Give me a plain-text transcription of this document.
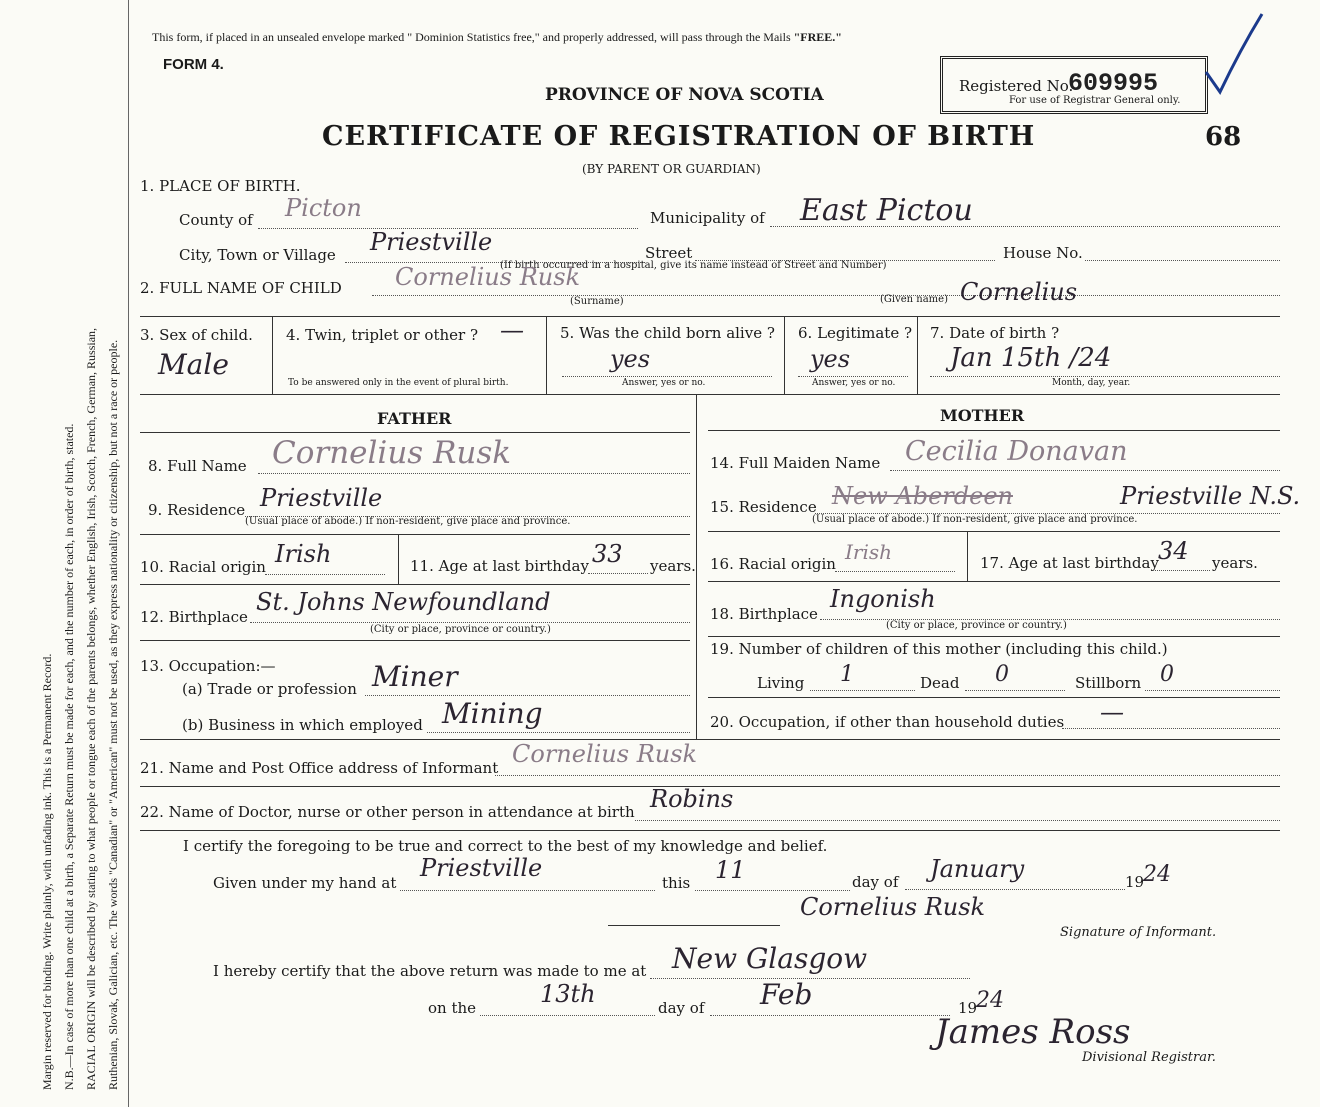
Margin reserved for binding. Write plainly, with unfading ink. This is a Permanent Record. N.B.—In case of more than one child at a birth, a Separate Return must be made for each, and the number of each, in order of birth, stated. RACIAL ORIGIN will be described by stating to what people or tongue each of the parents belongs, whether English, Irish, Scotch, French, German, Russian, Ruthenian, Slovak, Galician, etc. The words "Canadian" or "American" must not be used, as they express nationality or citizenship, but not a race or people.
This form, if placed in an unsealed envelope marked " Dominion Statistics free," and properly addressed, will pass through the Mails "FREE."
FORM 4.
PROVINCE OF NOVA SCOTIA
CERTIFICATE OF REGISTRATION OF BIRTH
(BY PARENT OR GUARDIAN)
Registered No.
609995
For use of Registrar General only.
68
1. PLACE OF BIRTH.
County of Picton	Municipality of East Pictou
City, Town or Village Priestville	Street	House No.
(If birth occurred in a hospital, give its name instead of Street and Number)
2. FULL NAME OF CHILD Cornelius Rusk
(Surname)	(Given name) Cornelius
3. Sex of child.
Male
4. Twin, triplet or other ? —
To be answered only in the event of plural birth.
5. Was the child born alive ?
yes
Answer, yes or no.
6. Legitimate ?
yes
Answer, yes or no.
7. Date of birth ?
Jan 15th /24
Month, day, year.
FATHER	MOTHER
8. Full Name Cornelius Rusk
9. Residence Priestville
(Usual place of abode.) If non-resident, give place and province.
10. Racial origin Irish	11. Age at last birthday 33 years.
12. Birthplace
St. Johns Newfoundland
(City or place, province or country.)
13. Occupation:—
(a) Trade or profession Miner
(b) Business in which employed Mining
14. Full Maiden Name Cecilia Donavan
15. Residence New Aberdeen	Priestville N.S.
(Usual place of abode.) If non-resident, give place and province.
16. Racial origin Irish	17. Age at last birthday 34 years.
18. Birthplace
Ingonish
(City or place, province or country.)
19. Number of children of this mother (including this child.)
Living 1	Dead 0	Stillborn 0
20. Occupation, if other than household duties —
21. Name and Post Office address of Informant Cornelius Rusk
22. Name of Doctor, nurse or other person in attendance at birth Robins
I certify the foregoing to be true and correct to the best of my knowledge and belief.
Given under my hand at
Priestville
this 11	day of January	19
24
Cornelius Rusk
Signature of Informant.
I hereby certify that the above return was made to me at New Glasgow
on the	13th	day of Feb	19
24
James Ross
Divisional Registrar.
